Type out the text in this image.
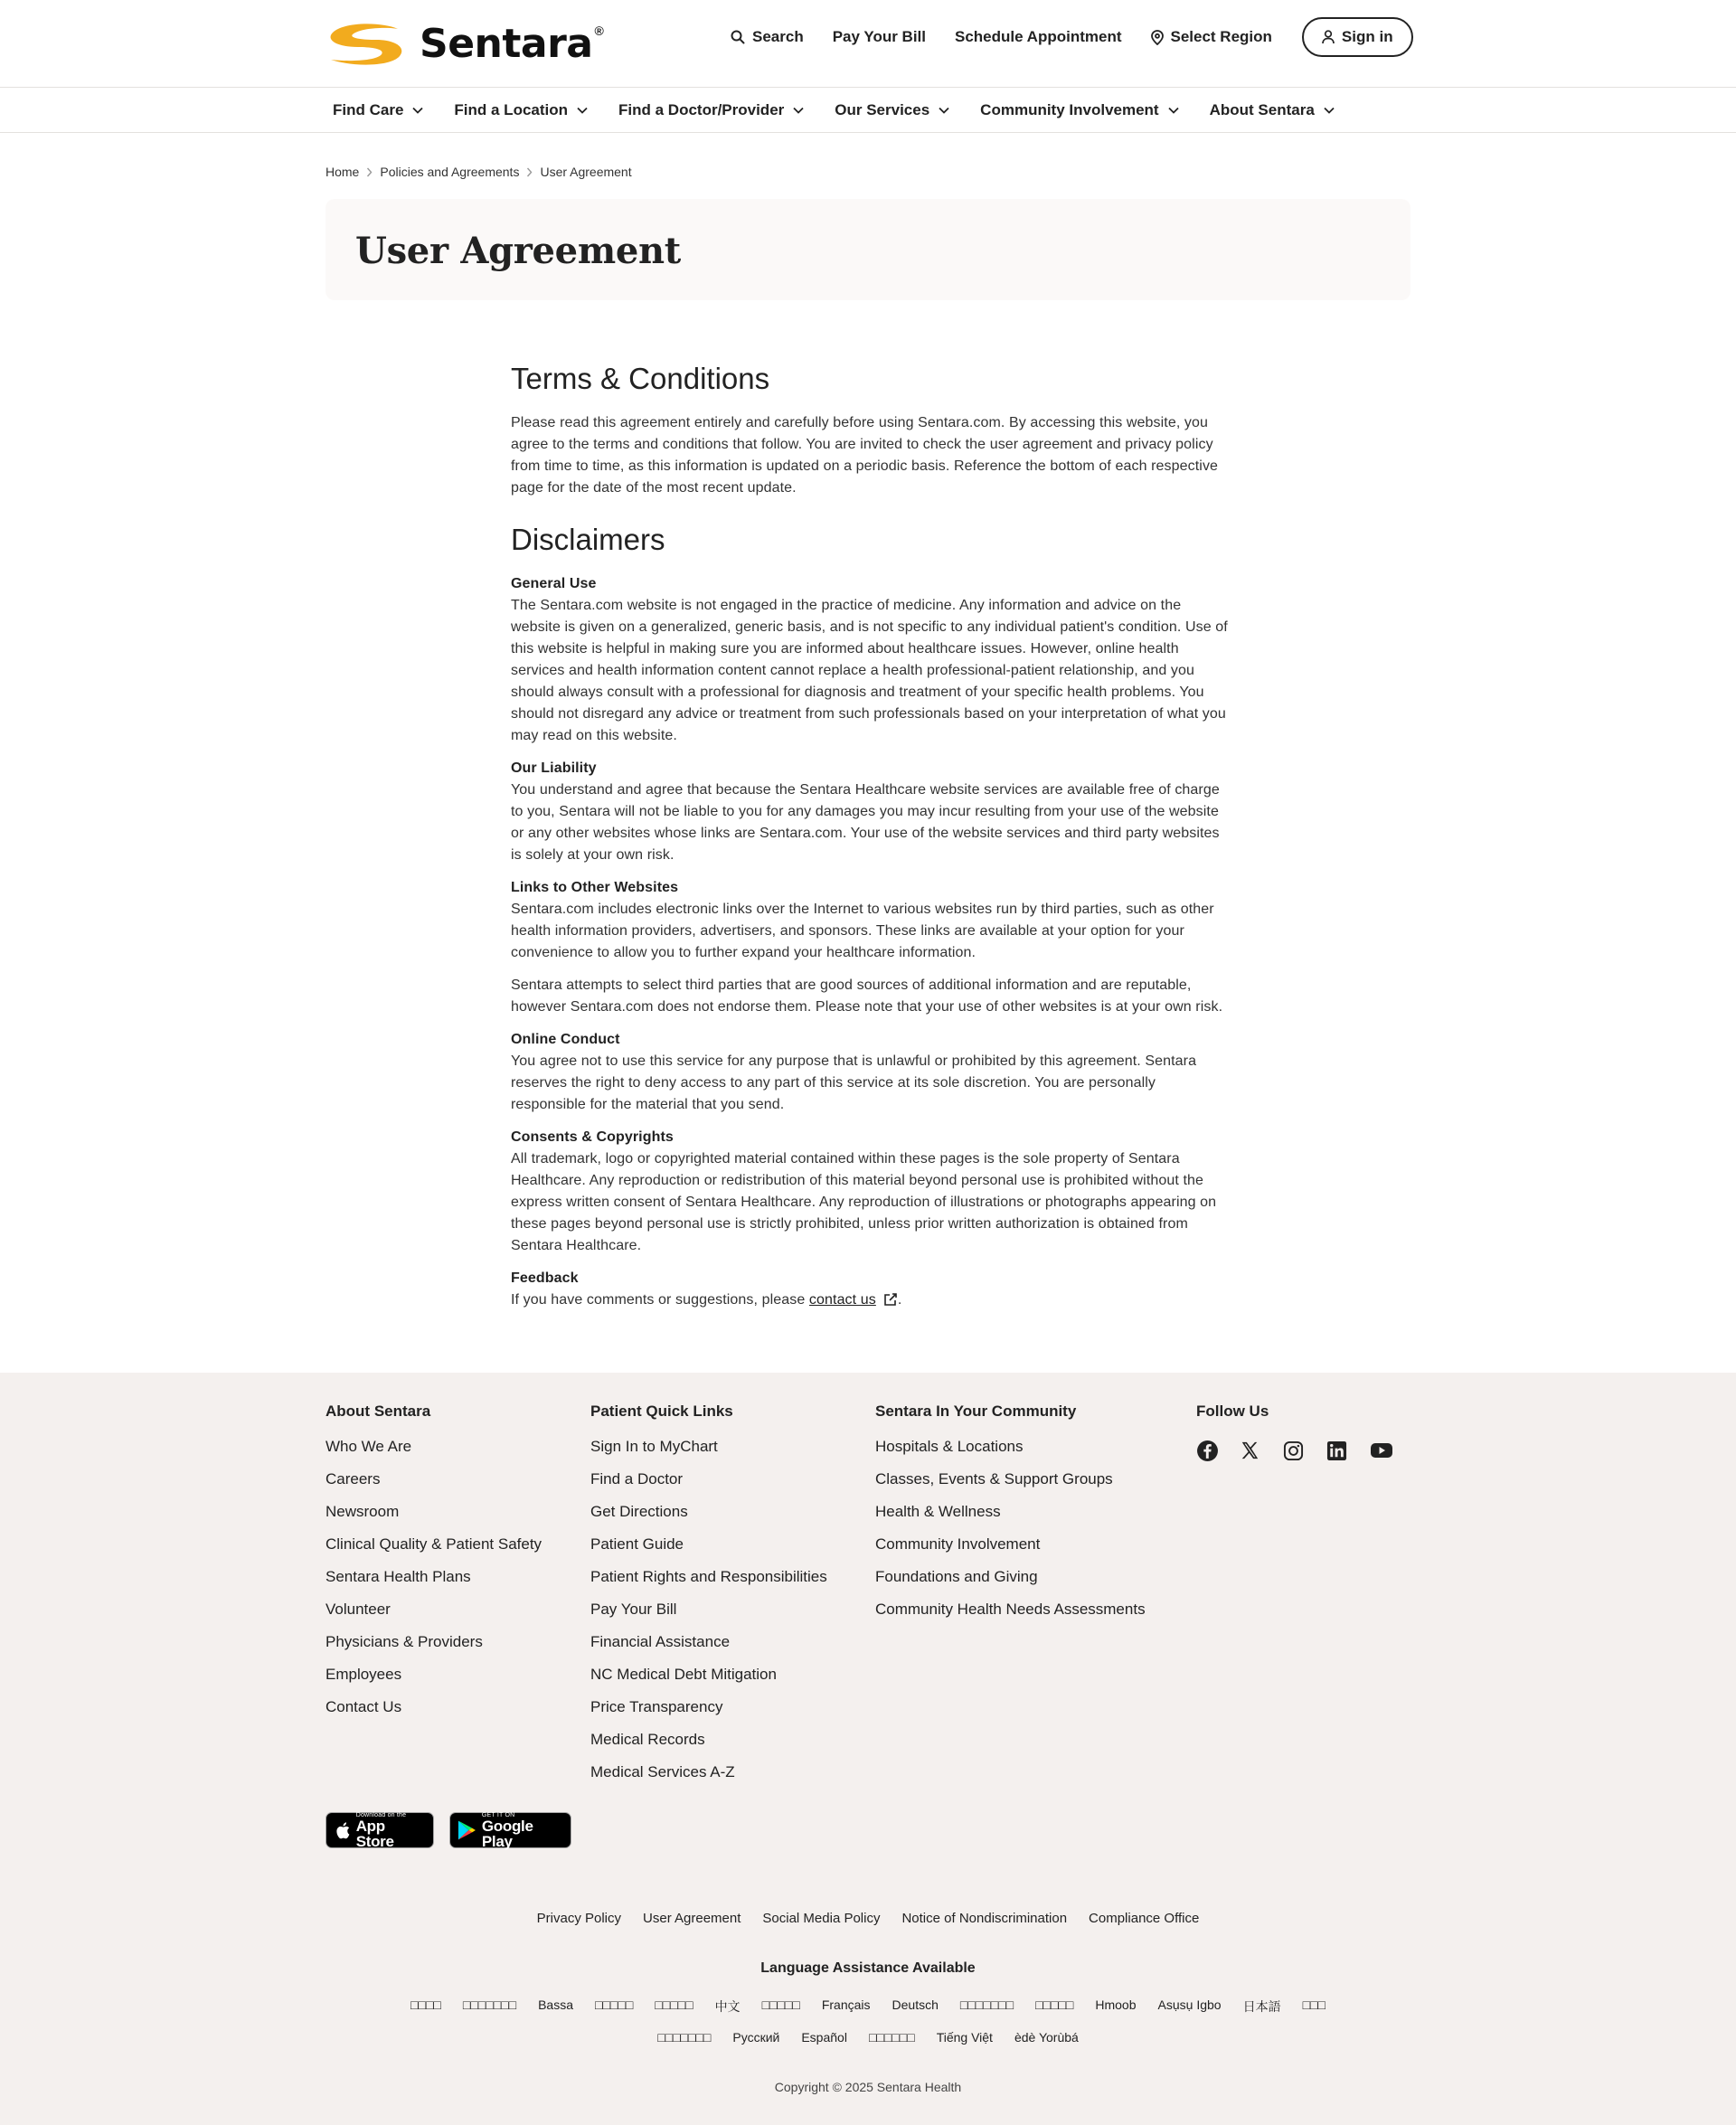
Sentara ®	Search Pay Your Bill Schedule Appointment	Select Region	Sign in
Find Care	Find a Location	Find a Doctor/Provider	Our Services	Community Involvement	About Sentara
Home Policies and Agreements User Agreement
User Agreement
Terms & Conditions

Please read this agreement entirely and carefully before using Sentara.com. By accessing this website, you agree to the terms and conditions that follow. You are invited to check the user agreement and privacy policy from time to time, as this information is updated on a periodic basis. Reference the bottom of each respective page for the date of the most recent update.

Disclaimers

General Use
The Sentara.com website is not engaged in the practice of medicine. Any information and advice on the website is given on a generalized, generic basis, and is not specific to any individual patient's condition. Use of this website is helpful in making sure you are informed about healthcare issues. However, online health services and health information content cannot replace a health professional-patient relationship, and you should always consult with a professional for diagnosis and treatment of your specific health problems. You should not disregard any advice or treatment from such professionals based on your interpretation of what you may read on this website.

Our Liability
You understand and agree that because the Sentara Healthcare website services are available free of charge to you, Sentara will not be liable to you for any damages you may incur resulting from your use of the website or any other websites whose links are Sentara.com. Your use of the website services and third party websites is solely at your own risk.

Links to Other Websites
Sentara.com includes electronic links over the Internet to various websites run by third parties, such as other health information providers, advertisers, and sponsors. These links are available at your option for your convenience to allow you to further expand your healthcare information.

Sentara attempts to select third parties that are good sources of additional information and are reputable, however Sentara.com does not endorse them. Please note that your use of other websites is at your own risk.

Online Conduct
You agree not to use this service for any purpose that is unlawful or prohibited by this agreement. Sentara reserves the right to deny access to any part of this service at its sole discretion. You are personally responsible for the material that you send.

Consents & Copyrights
All trademark, logo or copyrighted material contained within these pages is the sole property of Sentara Healthcare. Any reproduction or redistribution of this material beyond personal use is prohibited without the express written consent of Sentara Healthcare. Any reproduction of illustrations or photographs appearing on these pages beyond personal use is strictly prohibited, unless prior written authorization is obtained from Sentara Healthcare.

Feedback
If you have comments or suggestions, please contact us .

About Sentara
Who We Are
Careers
Newsroom
Clinical Quality & Patient Safety
Sentara Health Plans
Volunteer
Physicians & Providers
Employees
Contact Us
Patient Quick Links
Sign In to MyChart
Find a Doctor
Get Directions
Patient Guide
Patient Rights and Responsibilities
Pay Your Bill
Financial Assistance
NC Medical Debt Mitigation
Price Transparency
Medical Records
Medical Services A-Z
Sentara In Your Community
Hospitals & Locations
Classes, Events & Support Groups
Health & Wellness
Community Involvement
Foundations and Giving
Community Health Needs Assessments
Follow Us
Download on the
App Store
GET IT ON
Google Play
Privacy Policy User Agreement Social Media Policy Notice of Nondiscrimination Compliance Office
Language Assistance Available
□□□□ □□□□□□□ Bassa □□□□□ □□□□□ 中文 □□□□□ Français Deutsch □□□□□□□ □□□□□ Hmoob Asụsụ Igbo 日本語 □□□
□□□□□□□ Русский Español □□□□□□ Tiếng Việt èdè Yorùbá
Copyright © 2025 Sentara Health
